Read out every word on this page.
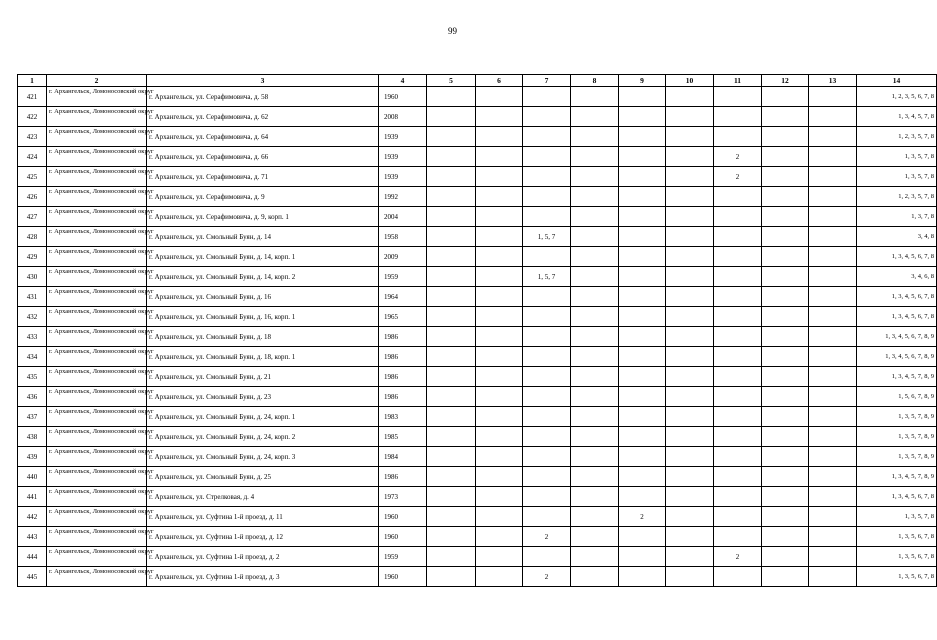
99
1	2	3	4	5	6	7	8	9	10	11	12	13	14
421	г. Архангельск, Ломоносовский округ	г. Архангельск, ул. Серафимовича, д. 58	1960										1, 2, 3, 5, 6, 7, 8
422	г. Архангельск, Ломоносовский округ	г. Архангельск, ул. Серафимовича, д. 62	2008										1, 3, 4, 5, 7, 8
423	г. Архангельск, Ломоносовский округ	г. Архангельск, ул. Серафимовича, д. 64	1939										1, 2, 3, 5, 7, 8
424	г. Архангельск, Ломоносовский округ	г. Архангельск, ул. Серафимовича, д. 66	1939							2			1, 3, 5, 7, 8
425	г. Архангельск, Ломоносовский округ	г. Архангельск, ул. Серафимовича, д. 71	1939							2			1, 3, 5, 7, 8
426	г. Архангельск, Ломоносовский округ	г. Архангельск, ул. Серафимовича, д. 9	1992										1, 2, 3, 5, 7, 8
427	г. Архангельск, Ломоносовский округ	г. Архангельск, ул. Серафимовича, д. 9, корп. 1	2004										1, 3, 7, 8
428	г. Архангельск, Ломоносовский округ	г. Архангельск, ул. Смольный Буян, д. 14	1958			1, 5, 7							3, 4, 8
429	г. Архангельск, Ломоносовский округ	г. Архангельск, ул. Смольный Буян, д. 14, корп. 1	2009										1, 3, 4, 5, 6, 7, 8
430	г. Архангельск, Ломоносовский округ	г. Архангельск, ул. Смольный Буян, д. 14, корп. 2	1959			1, 5, 7							3, 4, 6, 8
431	г. Архангельск, Ломоносовский округ	г. Архангельск, ул. Смольный Буян, д. 16	1964										1, 3, 4, 5, 6, 7, 8
432	г. Архангельск, Ломоносовский округ	г. Архангельск, ул. Смольный Буян, д. 16, корп. 1	1965										1, 3, 4, 5, 6, 7, 8
433	г. Архангельск, Ломоносовский округ	г. Архангельск, ул. Смольный Буян, д. 18	1986										1, 3, 4, 5, 6, 7, 8, 9
434	г. Архангельск, Ломоносовский округ	г. Архангельск, ул. Смольный Буян, д. 18, корп. 1	1986										1, 3, 4, 5, 6, 7, 8, 9
435	г. Архангельск, Ломоносовский округ	г. Архангельск, ул. Смольный Буян, д. 21	1986										1, 3, 4, 5, 7, 8, 9
436	г. Архангельск, Ломоносовский округ	г. Архангельск, ул. Смольный Буян, д. 23	1986										1, 5, 6, 7, 8, 9
437	г. Архангельск, Ломоносовский округ	г. Архангельск, ул. Смольный Буян, д. 24, корп. 1	1983										1, 3, 5, 7, 8, 9
438	г. Архангельск, Ломоносовский округ	г. Архангельск, ул. Смольный Буян, д. 24, корп. 2	1985										1, 3, 5, 7, 8, 9
439	г. Архангельск, Ломоносовский округ	г. Архангельск, ул. Смольный Буян, д. 24, корп. 3	1984										1, 3, 5, 7, 8, 9
440	г. Архангельск, Ломоносовский округ	г. Архангельск, ул. Смольный Буян, д. 25	1986										1, 3, 4, 5, 7, 8, 9
441	г. Архангельск, Ломоносовский округ	г. Архангельск, ул. Стрелковая, д. 4	1973										1, 3, 4, 5, 6, 7, 8
442	г. Архангельск, Ломоносовский округ	г. Архангельск, ул. Суфтина 1-й проезд, д. 11	1960					2					1, 3, 5, 7, 8
443	г. Архангельск, Ломоносовский округ	г. Архангельск, ул. Суфтина 1-й проезд, д. 12	1960			2							1, 3, 5, 6, 7, 8
444	г. Архангельск, Ломоносовский округ	г. Архангельск, ул. Суфтина 1-й проезд, д. 2	1959							2			1, 3, 5, 6, 7, 8
445	г. Архангельск, Ломоносовский округ	г. Архангельск, ул. Суфтина 1-й проезд, д. 3	1960			2							1, 3, 5, 6, 7, 8
